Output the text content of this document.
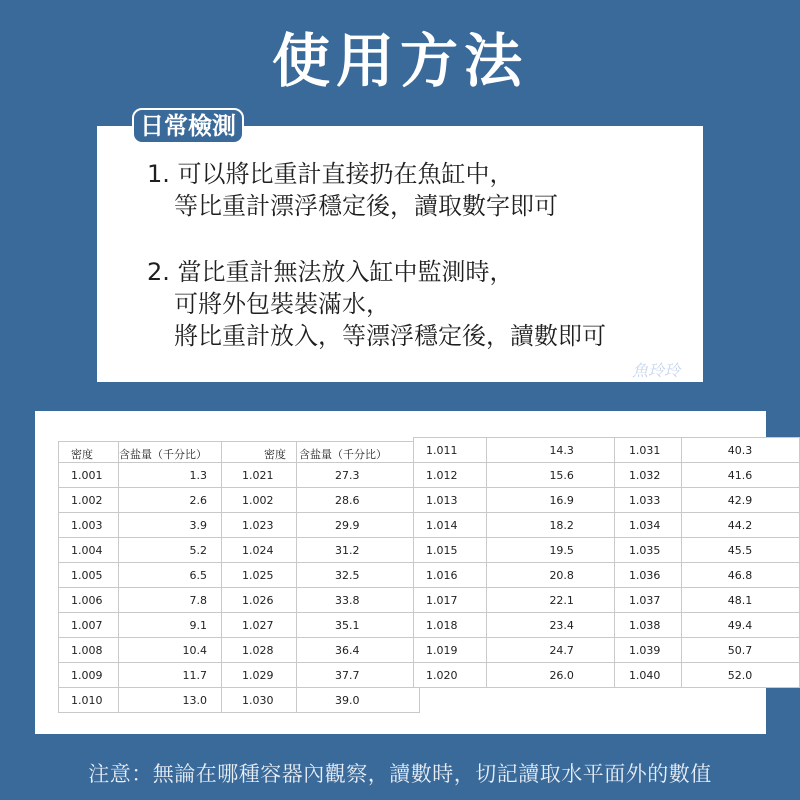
使用方法
日常檢測
1. 可以將比重計直接扔在魚缸中，
等比重計漂浮穩定後，讀取數字即可
2. 當比重計無法放入缸中監測時，
可將外包裝裝滿水，
將比重計放入，等漂浮穩定後，讀數即可
魚玲玲
密度	含盐量（千分比）	密度	含盐量（千分比）
1.001	1.3	1.021	27.3
1.002	2.6	1.002	28.6
1.003	3.9	1.023	29.9
1.004	5.2	1.024	31.2
1.005	6.5	1.025	32.5
1.006	7.8	1.026	33.8
1.007	9.1	1.027	35.1
1.008	10.4	1.028	36.4
1.009	11.7	1.029	37.7
1.010	13.0	1.030	39.0
1.011	14.3	1.031	40.3
1.012	15.6	1.032	41.6
1.013	16.9	1.033	42.9
1.014	18.2	1.034	44.2
1.015	19.5	1.035	45.5
1.016	20.8	1.036	46.8
1.017	22.1	1.037	48.1
1.018	23.4	1.038	49.4
1.019	24.7	1.039	50.7
1.020	26.0	1.040	52.0
注意：無論在哪種容器內觀察，讀數時，切記讀取水平面外的數值
